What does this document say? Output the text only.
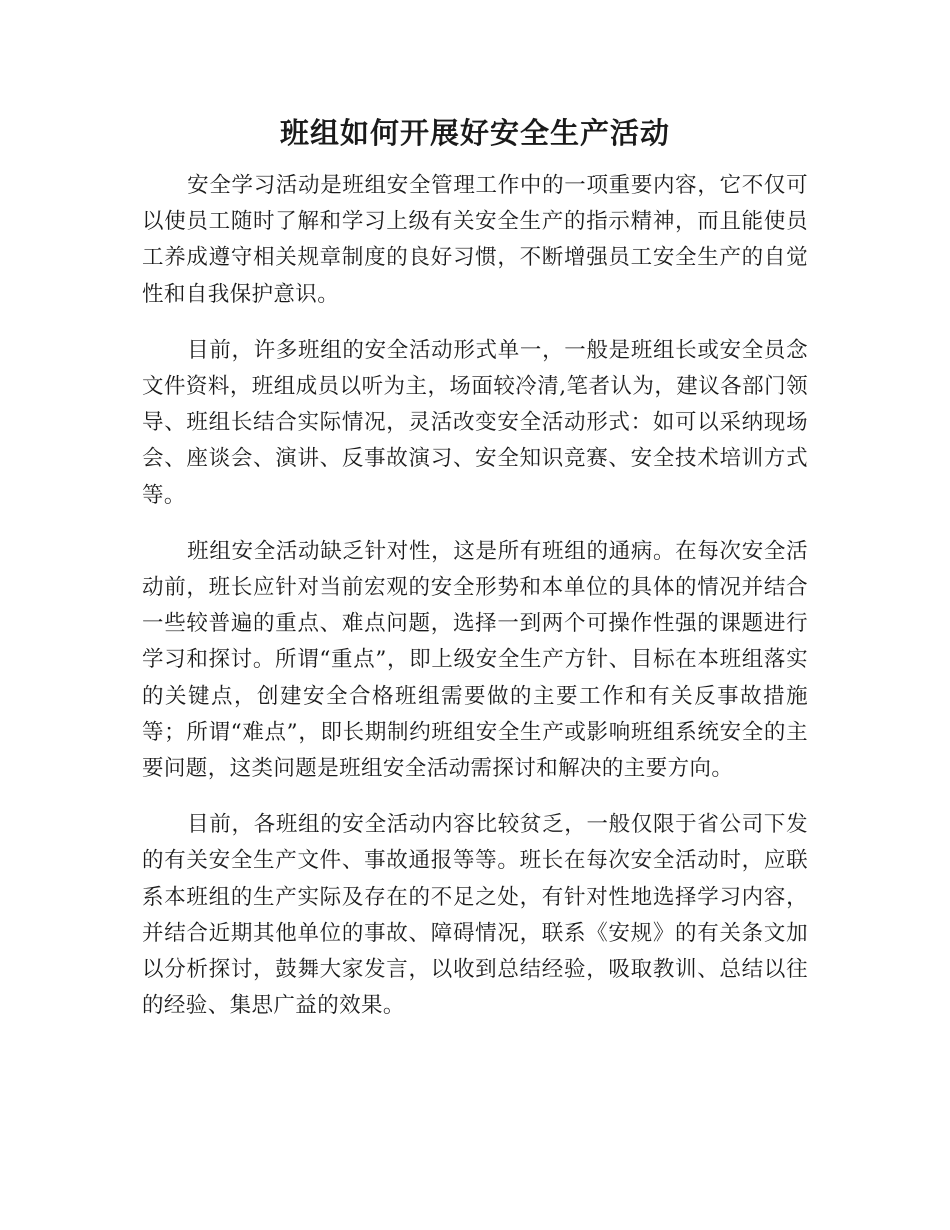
班组如何开展好安全生产活动

安全学习活动是班组安全管理工作中的一项重要内容，它不仅可以使员工随时了解和学习上级有关安全生产的指示精神，而且能使员工养成遵守相关规章制度的良好习惯，不断增强员工安全生产的自觉性和自我保护意识。

目前，许多班组的安全活动形式单一，一般是班组长或安全员念文件资料，班组成员以听为主，场面较冷清,笔者认为，建议各部门领导、班组长结合实际情况，灵活改变安全活动形式：如可以采纳现场会、座谈会、演讲、反事故演习、安全知识竞赛、安全技术培训方式等。

班组安全活动缺乏针对性，这是所有班组的通病。在每次安全活动前，班长应针对当前宏观的安全形势和本单位的具体的情况并结合一些较普遍的重点、难点问题，选择一到两个可操作性强的课题进行学习和探讨。所谓“重点”，即上级安全生产方针、目标在本班组落实的关键点，创建安全合格班组需要做的主要工作和有关反事故措施等；所谓“难点”，即长期制约班组安全生产或影响班组系统安全的主要问题，这类问题是班组安全活动需探讨和解决的主要方向。

目前，各班组的安全活动内容比较贫乏，一般仅限于省公司下发的有关安全生产文件、事故通报等等。班长在每次安全活动时，应联系本班组的生产实际及存在的不足之处，有针对性地选择学习内容，并结合近期其他单位的事故、障碍情况，联系《安规》的有关条文加以分析探讨，鼓舞大家发言，以收到总结经验，吸取教训、总结以往的经验、集思广益的效果。
